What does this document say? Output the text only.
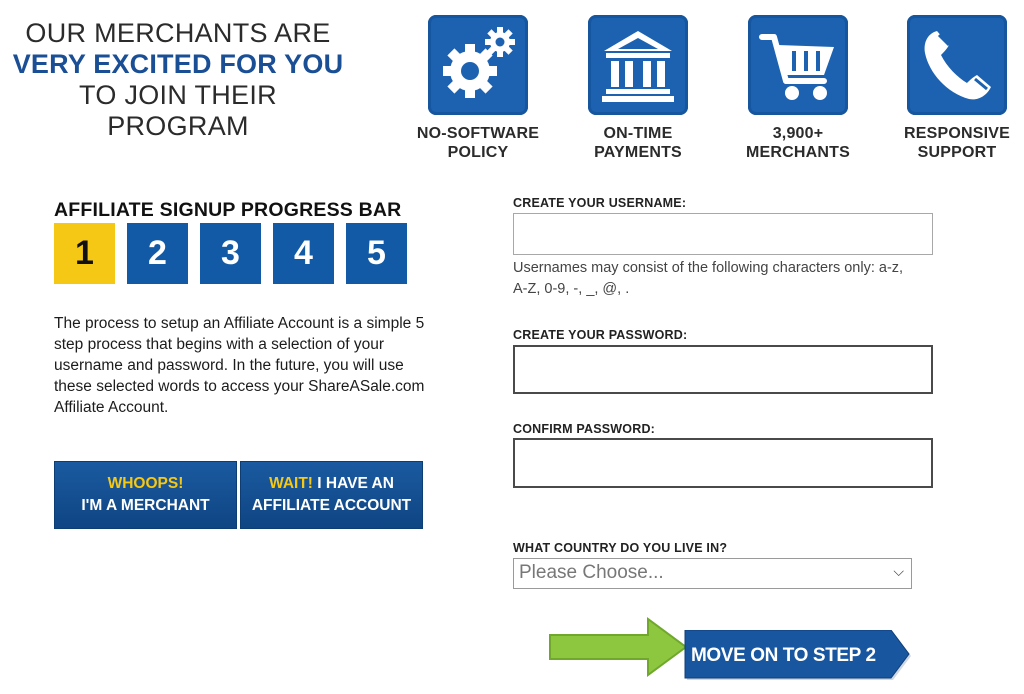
OUR MERCHANTS ARE
VERY EXCITED FOR YOU
TO JOIN THEIR PROGRAM	NO-SOFTWARE
POLICY
ON-TIME
PAYMENTS
3,900+
MERCHANTS
RESPONSIVE
SUPPORT
AFFILIATE SIGNUP PROGRESS BAR
1	2	3	4	5
The process to setup an Affiliate Account is a simple 5 step process that begins with a selection of your username and password. In the future, you will use these selected words to access your ShareASale.com Affiliate Account.
WHOOPS!
I'M A MERCHANT
WAIT! I HAVE AN
AFFILIATE ACCOUNT
CREATE YOUR USERNAME:
Usernames may consist of the following characters only: a-z, A-Z, 0-9, -, _, @, .
CREATE YOUR PASSWORD:
CONFIRM PASSWORD:
WHAT COUNTRY DO YOU LIVE IN?
Please Choose...	⌵
MOVE ON TO STEP 2
